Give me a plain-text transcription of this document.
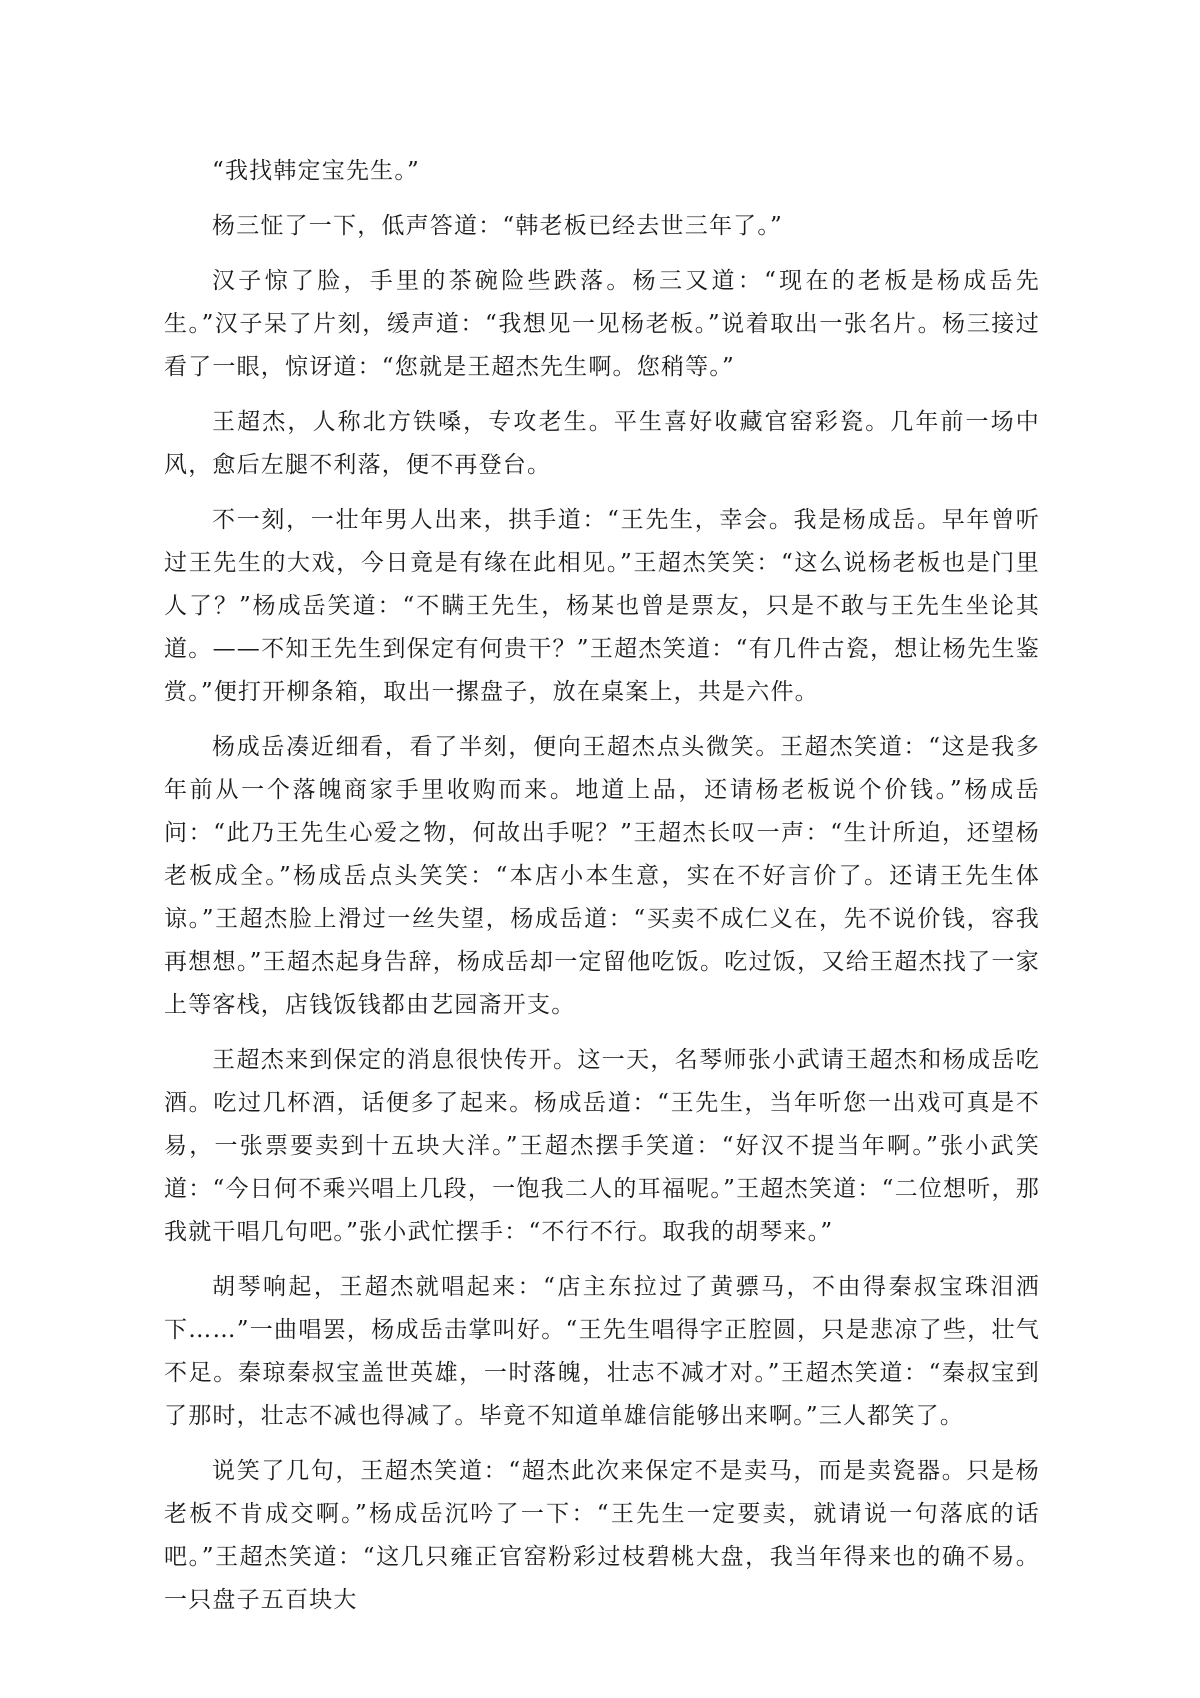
“我找韩定宝先生。”

杨三怔了一下，低声答道：“韩老板已经去世三年了。”

汉子惊了脸，手里的茶碗险些跌落。杨三又道：“现在的老板是杨成岳先生。”汉子呆了片刻，缓声道：“我想见一见杨老板。”说着取出一张名片。杨三接过看了一眼，惊讶道：“您就是王超杰先生啊。您稍等。”

王超杰，人称北方铁嗓，专攻老生。平生喜好收藏官窑彩瓷。几年前一场中风，愈后左腿不利落，便不再登台。

不一刻，一壮年男人出来，拱手道：“王先生，幸会。我是杨成岳。早年曾听过王先生的大戏，今日竟是有缘在此相见。”王超杰笑笑：“这么说杨老板也是门里人了？”杨成岳笑道：“不瞒王先生，杨某也曾是票友，只是不敢与王先生坐论其道。——不知王先生到保定有何贵干？”王超杰笑道：“有几件古瓷，想让杨先生鉴赏。”便打开柳条箱，取出一摞盘子，放在桌案上，共是六件。

杨成岳凑近细看，看了半刻，便向王超杰点头微笑。王超杰笑道：“这是我多年前从一个落魄商家手里收购而来。地道上品，还请杨老板说个价钱。”杨成岳问：“此乃王先生心爱之物，何故出手呢？”王超杰长叹一声：“生计所迫，还望杨老板成全。”杨成岳点头笑笑：“本店小本生意，实在不好言价了。还请王先生体谅。”王超杰脸上滑过一丝失望，杨成岳道：“买卖不成仁义在，先不说价钱，容我再想想。”王超杰起身告辞，杨成岳却一定留他吃饭。吃过饭，又给王超杰找了一家上等客栈，店钱饭钱都由艺园斋开支。

王超杰来到保定的消息很快传开。这一天，名琴师张小武请王超杰和杨成岳吃酒。吃过几杯酒，话便多了起来。杨成岳道：“王先生，当年听您一出戏可真是不易，一张票要卖到十五块大洋。”王超杰摆手笑道：“好汉不提当年啊。”张小武笑道：“今日何不乘兴唱上几段，一饱我二人的耳福呢。”王超杰笑道：“二位想听，那我就干唱几句吧。”张小武忙摆手：“不行不行。取我的胡琴来。”

胡琴响起，王超杰就唱起来：“店主东拉过了黄骠马，不由得秦叔宝珠泪洒下……”一曲唱罢，杨成岳击掌叫好。“王先生唱得字正腔圆，只是悲凉了些，壮气不足。秦琼秦叔宝盖世英雄，一时落魄，壮志不减才对。”王超杰笑道：“秦叔宝到了那时，壮志不减也得减了。毕竟不知道单雄信能够出来啊。”三人都笑了。

说笑了几句，王超杰笑道：“超杰此次来保定不是卖马，而是卖瓷器。只是杨老板不肯成交啊。”杨成岳沉吟了一下：“王先生一定要卖，就请说一句落底的话吧。”王超杰笑道：“这几只雍正官窑粉彩过枝碧桃大盘，我当年得来也的确不易。一只盘子五百块大
